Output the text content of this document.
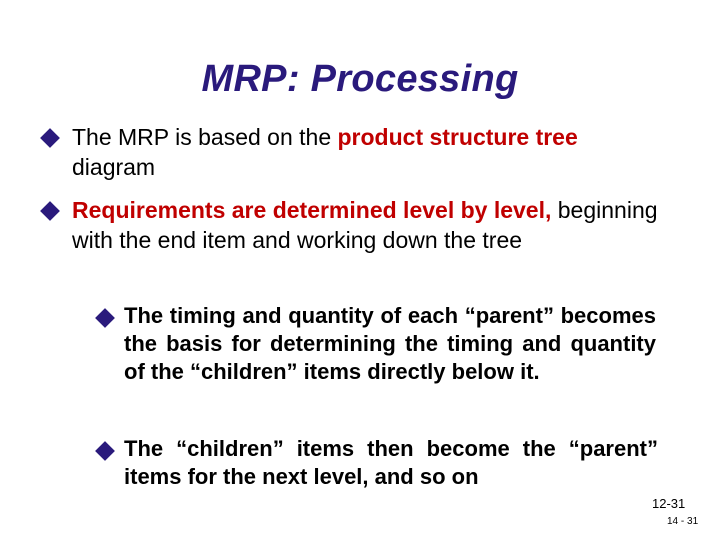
MRP: Processing
The MRP is based on the product structure tree diagram
Requirements are determined level by level, beginning with the end item and working down the tree
The timing and quantity of each “parent” becomes the basis for determining the timing and quantity of the “children” items directly below it.
The “children” items then become the “parent” items for the next level, and so on
12-31
14 - 31
